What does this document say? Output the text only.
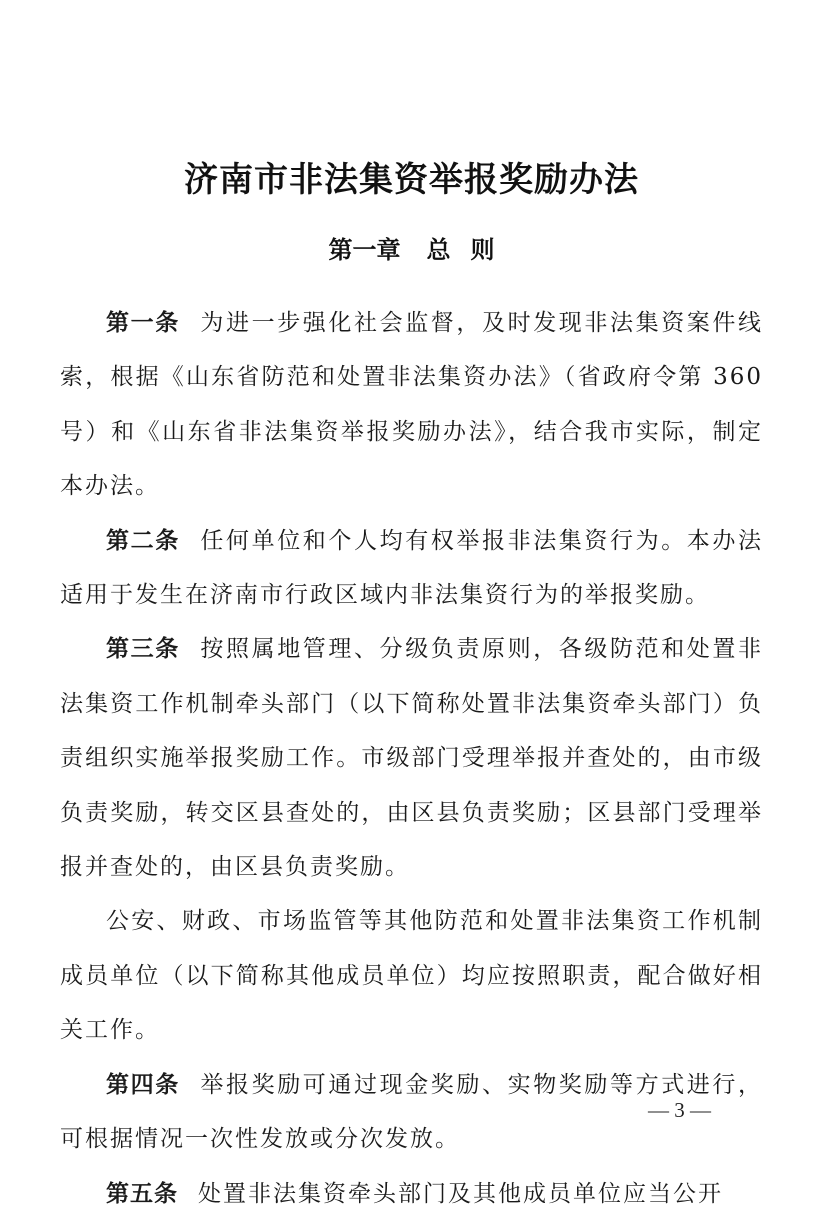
济南市非法集资举报奖励办法
第一章 总 则

第一条 为进一步强化社会监督，及时发现非法集资案件线索，根据《山东省防范和处置非法集资办法》（省政府令第 360 号）和《山东省非法集资举报奖励办法》，结合我市实际，制定本办法。

第二条 任何单位和个人均有权举报非法集资行为。本办法适用于发生在济南市行政区域内非法集资行为的举报奖励。

第三条 按照属地管理、分级负责原则，各级防范和处置非法集资工作机制牵头部门（以下简称处置非法集资牵头部门）负责组织实施举报奖励工作。市级部门受理举报并查处的，由市级负责奖励，转交区县查处的，由区县负责奖励；区县部门受理举报并查处的，由区县负责奖励。

公安、财政、市场监管等其他防范和处置非法集资工作机制成员单位（以下简称其他成员单位）均应按照职责，配合做好相关工作。

第四条 举报奖励可通过现金奖励、实物奖励等方式进行，可根据情况一次性发放或分次发放。

第五条 处置非法集资牵头部门及其他成员单位应当公开

— 3 —
